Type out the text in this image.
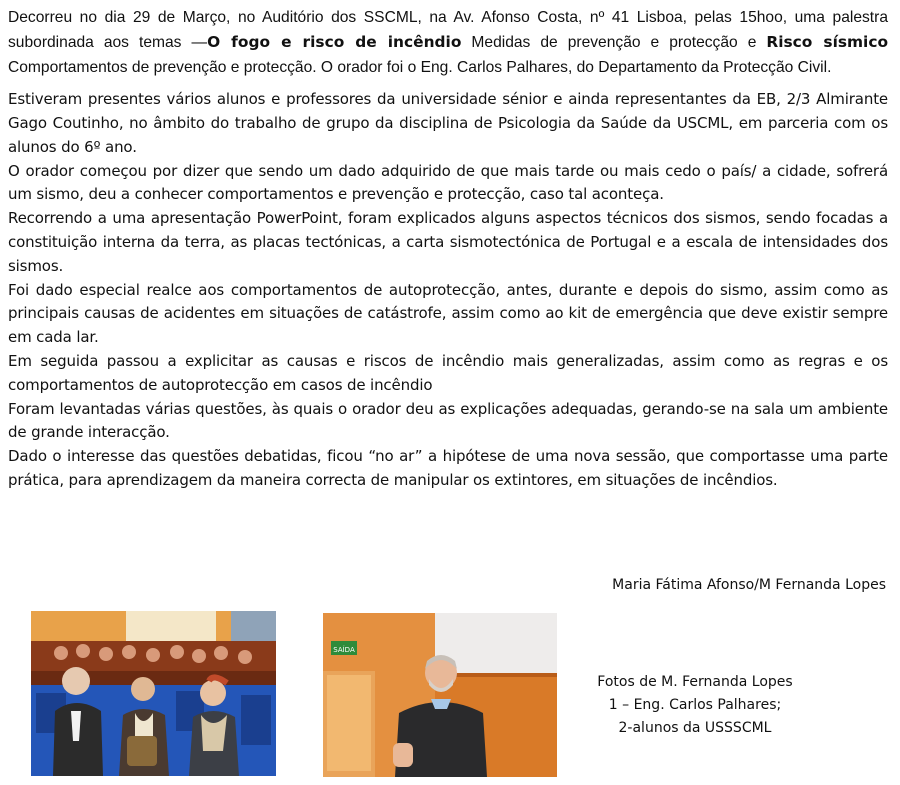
Decorreu no dia 29 de Março, no Auditório dos SSCML, na Av. Afonso Costa, nº 41 Lisboa, pelas 15hoo, uma palestra subordinada aos temas —O fogo e risco de incêndio Medidas de prevenção e protecção e Risco sísmico Comportamentos de prevenção e protecção. O orador foi o Eng. Carlos Palhares, do Departamento da Protecção Civil.

Estiveram presentes vários alunos e professores da universidade sénior e ainda representantes da EB, 2/3 Almirante Gago Coutinho, no âmbito do trabalho de grupo da disciplina de Psicologia da Saúde da USCML, em parceria com os alunos do 6º ano.

O orador começou por dizer que sendo um dado adquirido de que mais tarde ou mais cedo o país/ a cidade, sofrerá um sismo, deu a conhecer comportamentos e prevenção e protecção, caso tal aconteça.

Recorrendo a uma apresentação PowerPoint, foram explicados alguns aspectos técnicos dos sismos, sendo focadas a constituição interna da terra, as placas tectónicas, a carta sismotectónica de Portugal e a escala de intensidades dos sismos.

Foi dado especial realce aos comportamentos de autoprotecção, antes, durante e depois do sismo, assim como as principais causas de acidentes em situações de catástrofe, assim como ao kit de emergência que deve existir sempre em cada lar.

Em seguida passou a explicitar as causas e riscos de incêndio mais generalizadas, assim como as regras e os comportamentos de autoprotecção em casos de incêndio

Foram levantadas várias questões, às quais o orador deu as explicações adequadas, gerando-se na sala um ambiente de grande interacção.

Dado o interesse das questões debatidas, ficou “no ar” a hipótese de uma nova sessão, que comportasse uma parte prática, para aprendizagem da maneira correcta de manipular os extintores, em situações de incêndios.

Maria Fátima Afonso/M Fernanda Lopes
SAÍDA
Fotos de M. Fernanda Lopes
1 – Eng. Carlos Palhares;
2-alunos da USSSCML
